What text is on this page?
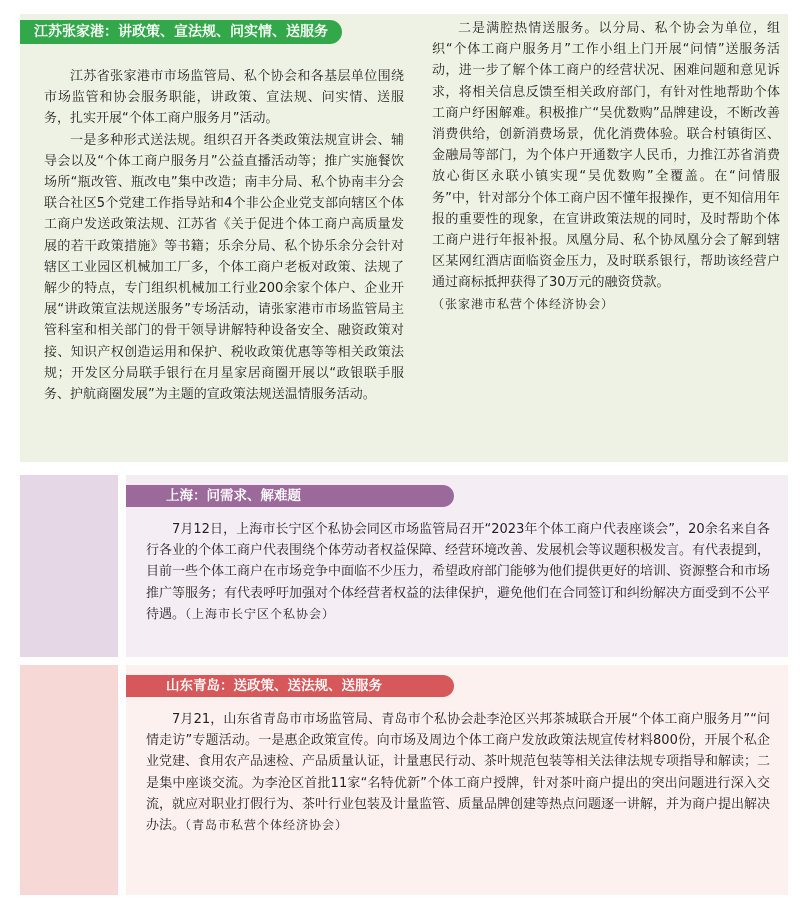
江苏张家港：讲政策、宣法规、问实情、送服务

江苏省张家港市市场监管局、私个协会和各基层单位围绕市场监管和协会服务职能，讲政策、宣法规、问实情、送服务，扎实开展“个体工商户服务月”活动。

一是多种形式送法规。组织召开各类政策法规宣讲会、辅导会以及“个体工商户服务月”公益直播活动等；推广实施餐饮场所“瓶改管、瓶改电”集中改造；南丰分局、私个协南丰分会联合社区5个党建工作指导站和4个非公企业党支部向辖区个体工商户发送政策法规、江苏省《关于促进个体工商户高质量发展的若干政策措施》等书籍；乐余分局、私个协乐余分会针对辖区工业园区机械加工厂多，个体工商户老板对政策、法规了解少的特点，专门组织机械加工行业200余家个体户、企业开展“讲政策宣法规送服务”专场活动，请张家港市市场监管局主管科室和相关部门的骨干领导讲解特种设备安全、融资政策对接、知识产权创造运用和保护、税收政策优惠等等相关政策法规；开发区分局联手银行在月星家居商圈开展以“政银联手服务、护航商圈发展”为主题的宣政策法规送温情服务活动。

二是满腔热情送服务。以分局、私个协会为单位，组织“个体工商户服务月”工作小组上门开展“问情”送服务活动，进一步了解个体工商户的经营状况、困难问题和意见诉求，将相关信息反馈至相关政府部门，有针对性地帮助个体工商户纾困解难。积极推广“吴优数购”品牌建设，不断改善消费供给，创新消费场景，优化消费体验。联合村镇街区、金融局等部门，为个体户开通数字人民币，力推江苏省消费放心街区永联小镇实现“吴优数购”全覆盖。在“问情服务”中，针对部分个体工商户因不懂年报操作，更不知信用年报的重要性的现象，在宣讲政策法规的同时，及时帮助个体工商户进行年报补报。凤凰分局、私个协凤凰分会了解到辖区某网红酒店面临资金压力，及时联系银行，帮助该经营户通过商标抵押获得了30万元的融资贷款。

（张家港市私营个体经济协会）
上海：问需求、解难题

7月12日，上海市长宁区个私协会同区市场监管局召开“2023年个体工商户代表座谈会”，20余名来自各行各业的个体工商户代表围绕个体劳动者权益保障、经营环境改善、发展机会等议题积极发言。有代表提到，目前一些个体工商户在市场竞争中面临不少压力，希望政府部门能够为他们提供更好的培训、资源整合和市场推广等服务；有代表呼吁加强对个体经营者权益的法律保护，避免他们在合同签订和纠纷解决方面受到不公平待遇。（上海市长宁区个私协会）

山东青岛：送政策、送法规、送服务

7月21，山东省青岛市市场监管局、青岛市个私协会赴李沧区兴邦茶城联合开展“个体工商户服务月”“问情走访”专题活动。一是惠企政策宣传。向市场及周边个体工商户发放政策法规宣传材料800份，开展个私企业党建、食用农产品速检、产品质量认证，计量惠民行动、茶叶规范包装等相关法律法规专项指导和解读；二是集中座谈交流。为李沧区首批11家“名特优新”个体工商户授牌，针对茶叶商户提出的突出问题进行深入交流，就应对职业打假行为、茶叶行业包装及计量监管、质量品牌创建等热点问题逐一讲解，并为商户提出解决办法。（青岛市私营个体经济协会）
